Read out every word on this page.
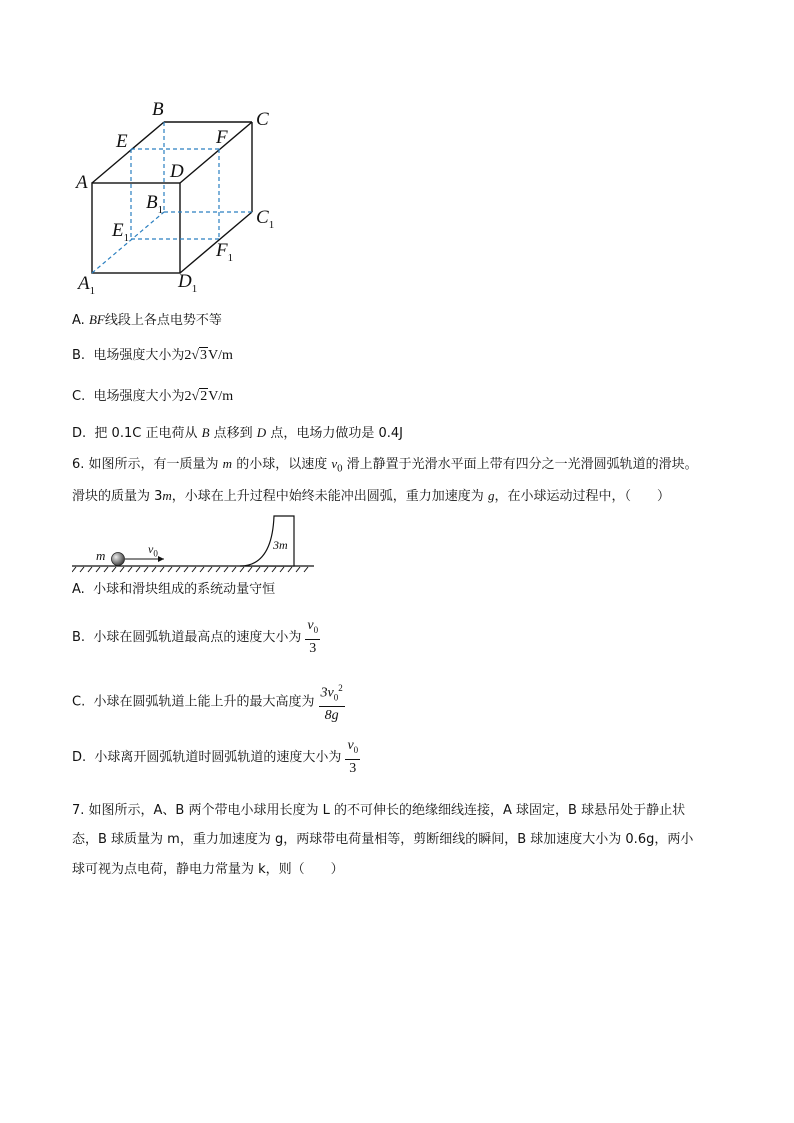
B	C
E	F
A
D
$B_1$	$C_1$
$E_1$
$F_1$
$A_1$	$D_1$
A. BF线段上各点电势不等
B. 电场强度大小为2√3V/m
C. 电场强度大小为2√2V/m
D. 把 0.1C 正电荷从 B 点移到 D 点，电场力做功是 0.4J
6. 如图所示，有一质量为 m 的小球，以速度 $v_0$ 滑上静置于光滑水平面上带有四分之一光滑圆弧轨道的滑块。
滑块的质量为 3m，小球在上升过程中始终未能冲出圆弧，重力加速度为 g，在小球运动过程中，（　　）
m	$v_0$
3m
A. 小球和滑块组成的系统动量守恒
B. 小球在圆弧轨道最高点的速度大小为 $\frac{v_0}{3}$
C. 小球在圆弧轨道上能上升的最大高度为 $\frac{3v_0^2}{8g}$
D. 小球离开圆弧轨道时圆弧轨道的速度大小为 $\frac{v_0}{3}$
7. 如图所示，A、B 两个带电小球用长度为 L 的不可伸长的绝缘细线连接，A 球固定，B 球悬吊处于静止状
态，B 球质量为 m，重力加速度为 g，两球带电荷量相等，剪断细线的瞬间，B 球加速度大小为 0.6g，两小
球可视为点电荷，静电力常量为 k，则（　　）
